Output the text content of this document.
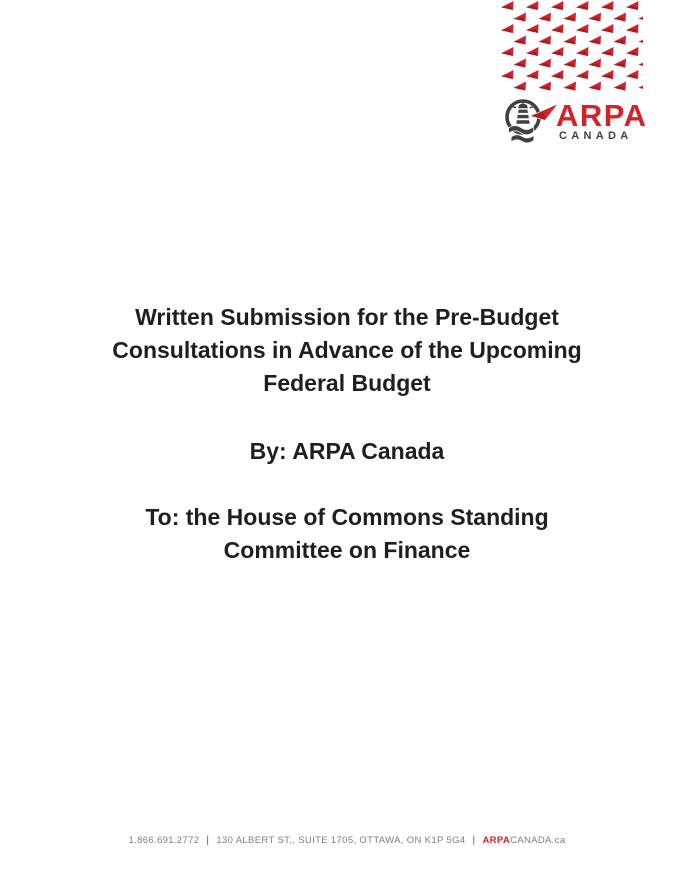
ARPA
CANADA
Written Submission for the Pre-Budget
Consultations in Advance of the Upcoming
Federal Budget
By: ARPA Canada
To: the House of Commons Standing
Committee on Finance
1.866.691.2772 | 130 ALBERT ST., SUITE 1705, OTTAWA, ON K1P 5G4 | ARPACANADA.ca
